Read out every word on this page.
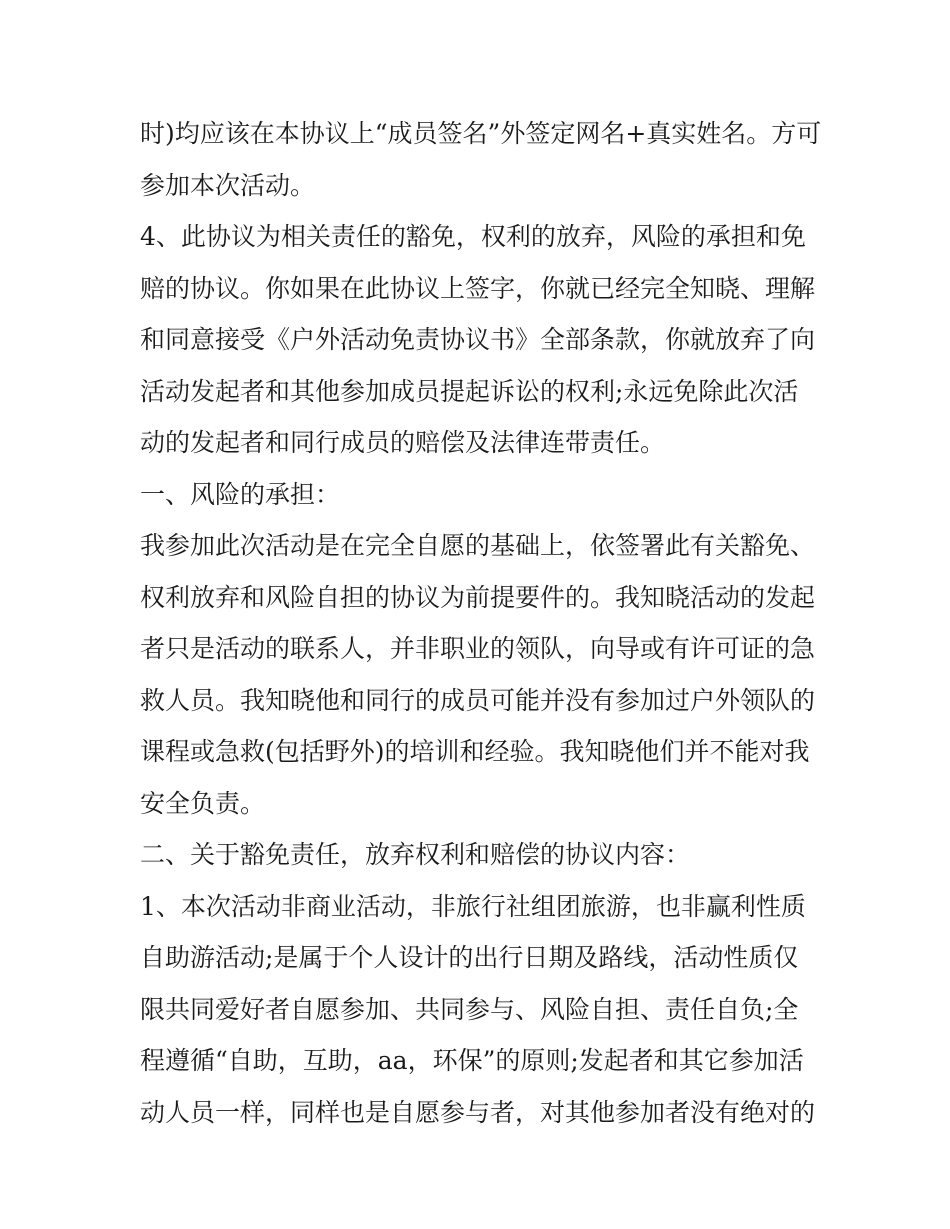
时)均应该在本协议上“成员签名”外签定网名+真实姓名。方可
参加本次活动。
4、此协议为相关责任的豁免，权利的放弃，风险的承担和免
赔的协议。你如果在此协议上签字，你就已经完全知晓、理解
和同意接受《户外活动免责协议书》全部条款，你就放弃了向
活动发起者和其他参加成员提起诉讼的权利;永远免除此次活
动的发起者和同行成员的赔偿及法律连带责任。
一、风险的承担：
我参加此次活动是在完全自愿的基础上，依签署此有关豁免、
权利放弃和风险自担的协议为前提要件的。我知晓活动的发起
者只是活动的联系人，并非职业的领队，向导或有许可证的急
救人员。我知晓他和同行的成员可能并没有参加过户外领队的
课程或急救(包括野外)的培训和经验。我知晓他们并不能对我
安全负责。
二、关于豁免责任，放弃权利和赔偿的协议内容：
1、本次活动非商业活动，非旅行社组团旅游，也非赢利性质
自助游活动;是属于个人设计的出行日期及路线，活动性质仅
限共同爱好者自愿参加、共同参与、风险自担、责任自负;全
程遵循“自助，互助，aa，环保”的原则;发起者和其它参加活
动人员一样，同样也是自愿参与者，对其他参加者没有绝对的
